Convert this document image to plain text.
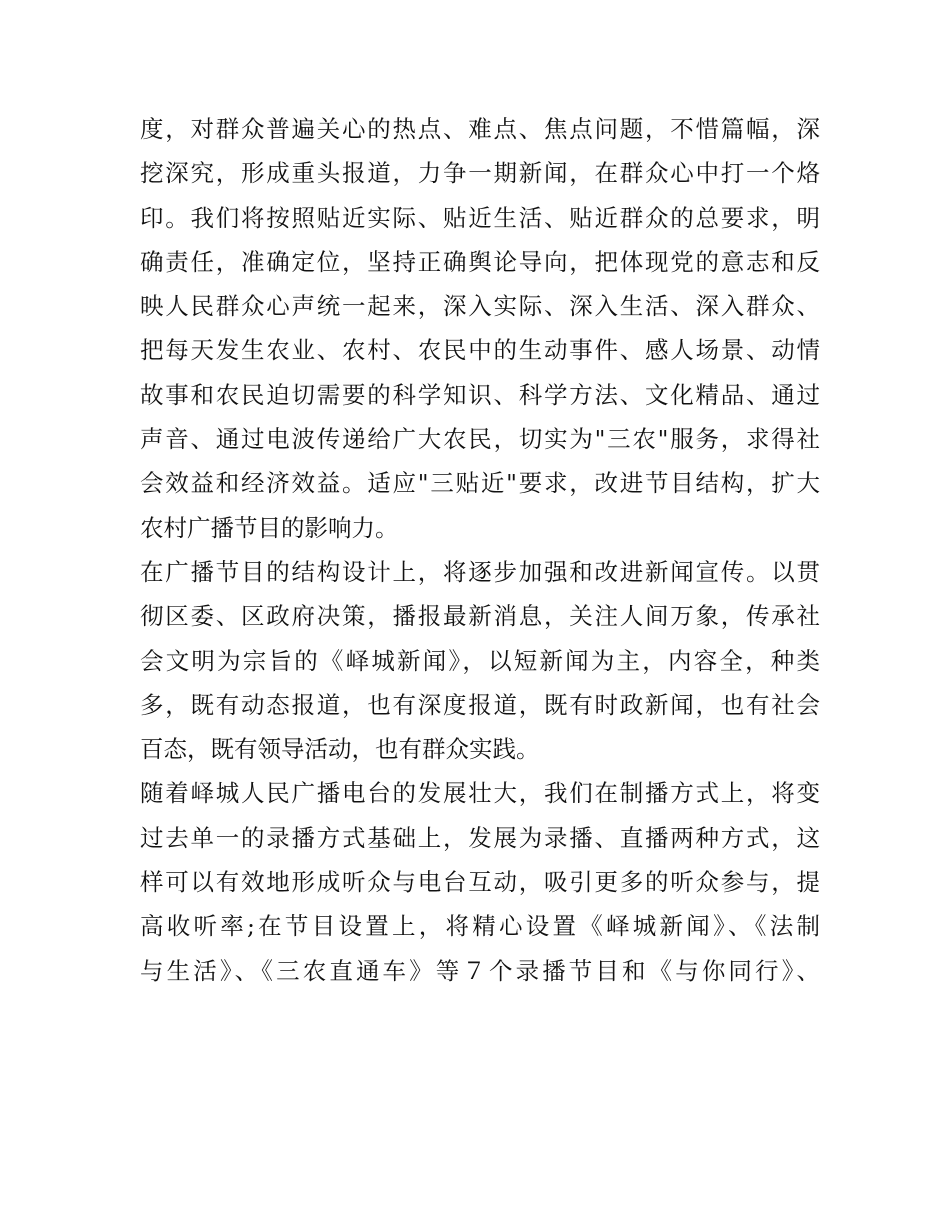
度，对群众普遍关心的热点、难点、焦点问题，不惜篇幅，深
挖深究，形成重头报道，力争一期新闻，在群众心中打一个烙
印。我们将按照贴近实际、贴近生活、贴近群众的总要求，明
确责任，准确定位，坚持正确舆论导向，把体现党的意志和反
映人民群众心声统一起来，深入实际、深入生活、深入群众、
把每天发生农业、农村、农民中的生动事件、感人场景、动情
故事和农民迫切需要的科学知识、科学方法、文化精品、通过
声音、通过电波传递给广大农民，切实为"三农"服务，求得社
会效益和经济效益。适应"三贴近"要求，改进节目结构，扩大
农村广播节目的影响力。
在广播节目的结构设计上，将逐步加强和改进新闻宣传。以贯
彻区委、区政府决策，播报最新消息，关注人间万象，传承社
会文明为宗旨的《峄城新闻》，以短新闻为主，内容全，种类
多，既有动态报道，也有深度报道，既有时政新闻，也有社会
百态，既有领导活动，也有群众实践。
随着峄城人民广播电台的发展壮大，我们在制播方式上，将变
过去单一的录播方式基础上，发展为录播、直播两种方式，这
样可以有效地形成听众与电台互动，吸引更多的听众参与，提
高收听率;在节目设置上，将精心设置《峄城新闻》、《法制
与生活》、《三农直通车》等７个录播节目和《与你同行》、
